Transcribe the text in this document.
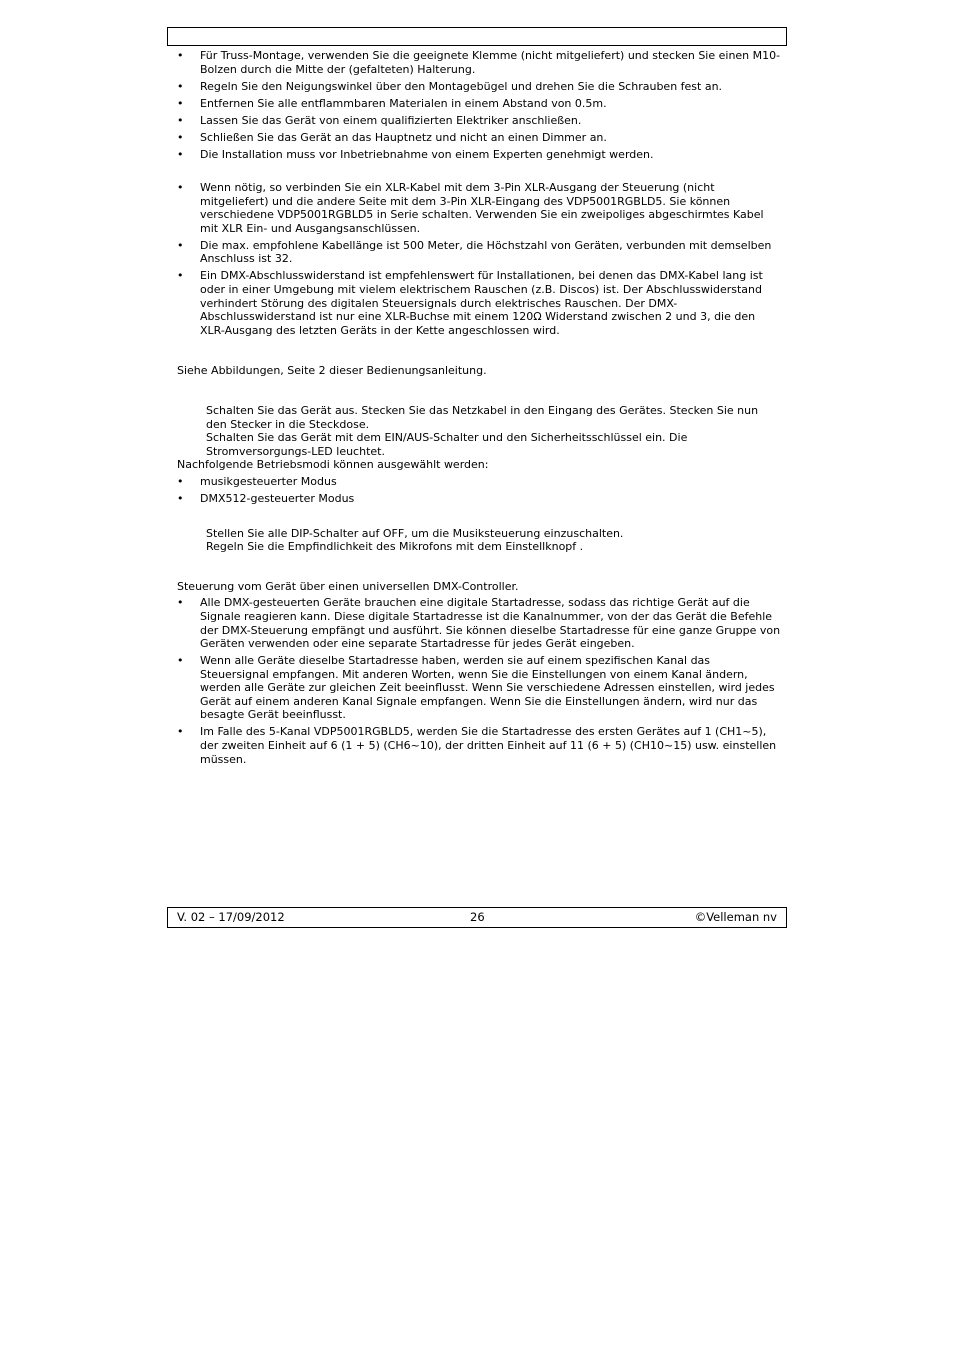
• Für Truss-Montage, verwenden Sie die geeignete Klemme (nicht mitgeliefert) und stecken Sie einen M10-Bolzen durch die Mitte der (gefalteten) Halterung.
• Regeln Sie den Neigungswinkel über den Montagebügel und drehen Sie die Schrauben fest an.
• Entfernen Sie alle entflammbaren Materialen in einem Abstand von 0.5m.
• Lassen Sie das Gerät von einem qualifizierten Elektriker anschließen.
• Schließen Sie das Gerät an das Hauptnetz und nicht an einen Dimmer an.
• Die Installation muss vor Inbetriebnahme von einem Experten genehmigt werden.
• Wenn nötig, so verbinden Sie ein XLR-Kabel mit dem 3-Pin XLR-Ausgang der Steuerung (nicht mitgeliefert) und die andere Seite mit dem 3-Pin XLR-Eingang des VDP5001RGBLD5. Sie können verschiedene VDP5001RGBLD5 in Serie schalten. Verwenden Sie ein zweipoliges abgeschirmtes Kabel mit XLR Ein- und Ausgangsanschlüssen.
• Die max. empfohlene Kabellänge ist 500 Meter, die Höchstzahl von Geräten, verbunden mit demselben Anschluss ist 32.
• Ein DMX-Abschlusswiderstand ist empfehlenswert für Installationen, bei denen das DMX-Kabel lang ist oder in einer Umgebung mit vielem elektrischem Rauschen (z.B. Discos) ist. Der Abschlusswiderstand verhindert Störung des digitalen Steuersignals durch elektrisches Rauschen. Der DMX-Abschlusswiderstand ist nur eine XLR-Buchse mit einem 120Ω Widerstand zwischen 2 und 3, die den XLR-Ausgang des letzten Geräts in der Kette angeschlossen wird.

Siehe Abbildungen, Seite 2 dieser Bedienungsanleitung.

Schalten Sie das Gerät aus. Stecken Sie das Netzkabel in den Eingang des Gerätes. Stecken Sie nun den Stecker in die Steckdose.

Schalten Sie das Gerät mit dem EIN/AUS-Schalter und den Sicherheitsschlüssel ein. Die Stromversorgungs-LED leuchtet.

Nachfolgende Betriebsmodi können ausgewählt werden:

• musikgesteuerter Modus
• DMX512-gesteuerter Modus

Stellen Sie alle DIP-Schalter auf OFF, um die Musiksteuerung einzuschalten.

Regeln Sie die Empfindlichkeit des Mikrofons mit dem Einstellknopf .

Steuerung vom Gerät über einen universellen DMX-Controller.

• Alle DMX-gesteuerten Geräte brauchen eine digitale Startadresse, sodass das richtige Gerät auf die Signale reagieren kann. Diese digitale Startadresse ist die Kanalnummer, von der das Gerät die Befehle der DMX-Steuerung empfängt und ausführt. Sie können dieselbe Startadresse für eine ganze Gruppe von Geräten verwenden oder eine separate Startadresse für jedes Gerät eingeben.
• Wenn alle Geräte dieselbe Startadresse haben, werden sie auf einem spezifischen Kanal das Steuersignal empfangen. Mit anderen Worten, wenn Sie die Einstellungen von einem Kanal ändern, werden alle Geräte zur gleichen Zeit beeinflusst. Wenn Sie verschiedene Adressen einstellen, wird jedes Gerät auf einem anderen Kanal Signale empfangen. Wenn Sie die Einstellungen ändern, wird nur das besagte Gerät beeinflusst.
• Im Falle des 5-Kanal VDP5001RGBLD5, werden Sie die Startadresse des ersten Gerätes auf 1 (CH1~5), der zweiten Einheit auf 6 (1 + 5) (CH6~10), der dritten Einheit auf 11 (6 + 5) (CH10~15) usw. einstellen müssen.
V. 02 – 17/09/2012	26	©Velleman nv
